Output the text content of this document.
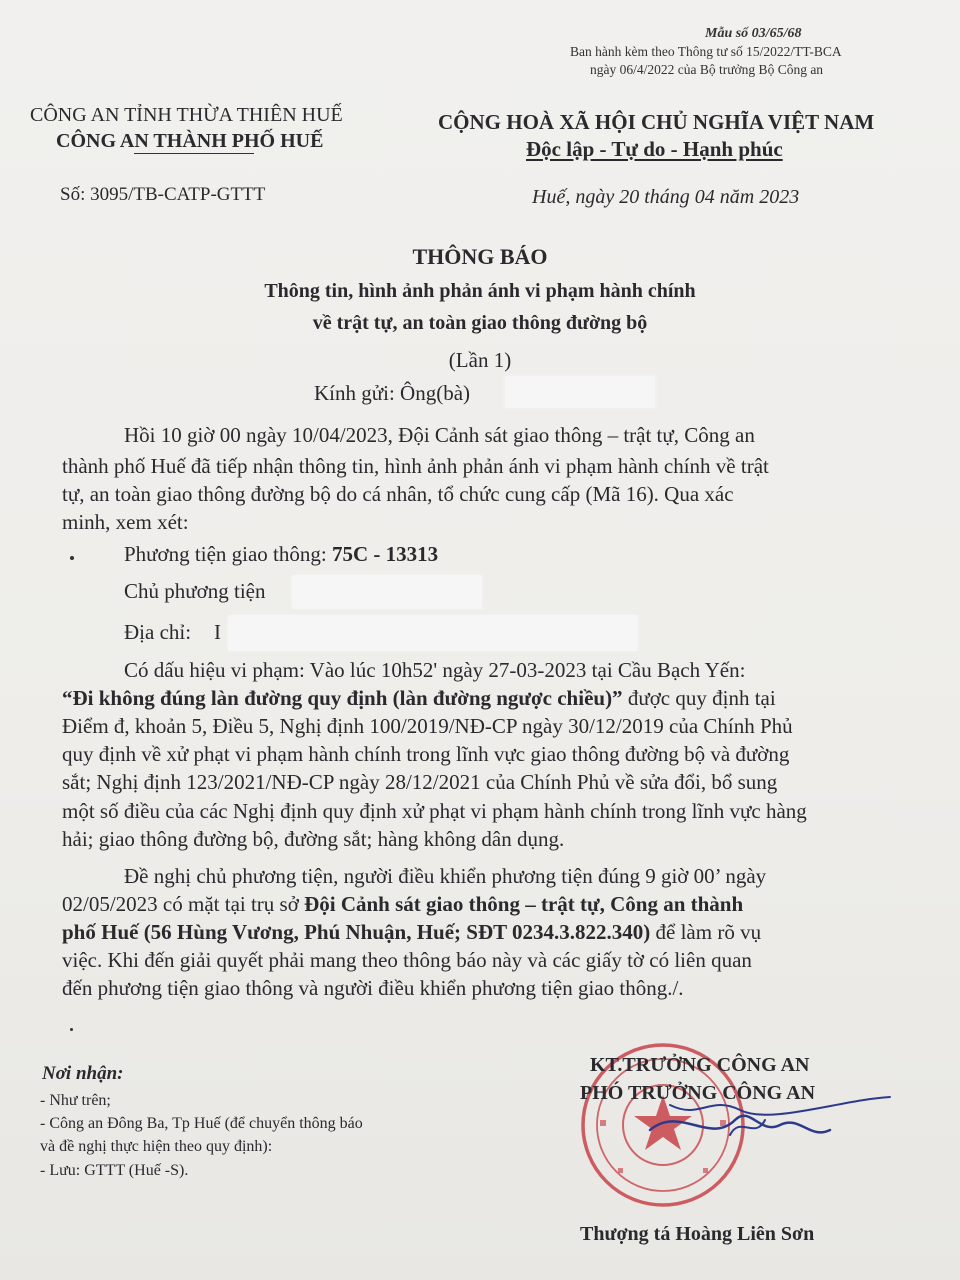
Mẫu số 03/65/68
Ban hành kèm theo Thông tư số 15/2022/TT-BCA
ngày 06/4/2022 của Bộ trưởng Bộ Công an
CÔNG AN TỈNH THỪA THIÊN HUẾ
CÔNG AN THÀNH PHỐ HUẾ
Số: 3095/TB-CATP-GTTT
CỘNG HOÀ XÃ HỘI CHỦ NGHĨA VIỆT NAM
Độc lập - Tự do - Hạnh phúc
Huế, ngày 20 tháng 04 năm 2023
THÔNG BÁO
Thông tin, hình ảnh phản ánh vi phạm hành chính
về trật tự, an toàn giao thông đường bộ
(Lần 1)
Kính gửi: Ông(bà)
Hồi 10 giờ 00 ngày 10/04/2023, Đội Cảnh sát giao thông – trật tự, Công an
thành phố Huế đã tiếp nhận thông tin, hình ảnh phản ánh vi phạm hành chính về trật
tự, an toàn giao thông đường bộ do cá nhân, tổ chức cung cấp (Mã 16). Qua xác
minh, xem xét:
Phương tiện giao thông: 75C - 13313
Chủ phương tiện
Địa chỉ: I
Có dấu hiệu vi phạm: Vào lúc 10h52' ngày 27-03-2023 tại Cầu Bạch Yến:
“Đi không đúng làn đường quy định (làn đường ngược chiều)” được quy định tại
Điểm đ, khoản 5, Điều 5, Nghị định 100/2019/NĐ-CP ngày 30/12/2019 của Chính Phủ
quy định về xử phạt vi phạm hành chính trong lĩnh vực giao thông đường bộ và đường
sắt; Nghị định 123/2021/NĐ-CP ngày 28/12/2021 của Chính Phủ về sửa đổi, bổ sung
một số điều của các Nghị định quy định xử phạt vi phạm hành chính trong lĩnh vực hàng
hải; giao thông đường bộ, đường sắt; hàng không dân dụng.
Đề nghị chủ phương tiện, người điều khiển phương tiện đúng 9 giờ 00’ ngày
02/05/2023 có mặt tại trụ sở Đội Cảnh sát giao thông – trật tự, Công an thành
phố Huế (56 Hùng Vương, Phú Nhuận, Huế; SĐT 0234.3.822.340) để làm rõ vụ
việc. Khi đến giải quyết phải mang theo thông báo này và các giấy tờ có liên quan
đến phương tiện giao thông và người điều khiển phương tiện giao thông./.
Nơi nhận:
- Như trên;
- Công an Đông Ba, Tp Huế (để chuyển thông báo
và đề nghị thực hiện theo quy định):
- Lưu: GTTT (Huế -S).
KT.TRƯỞNG CÔNG AN
PHÓ TRƯỞNG CÔNG AN
Thượng tá Hoàng Liên Sơn
